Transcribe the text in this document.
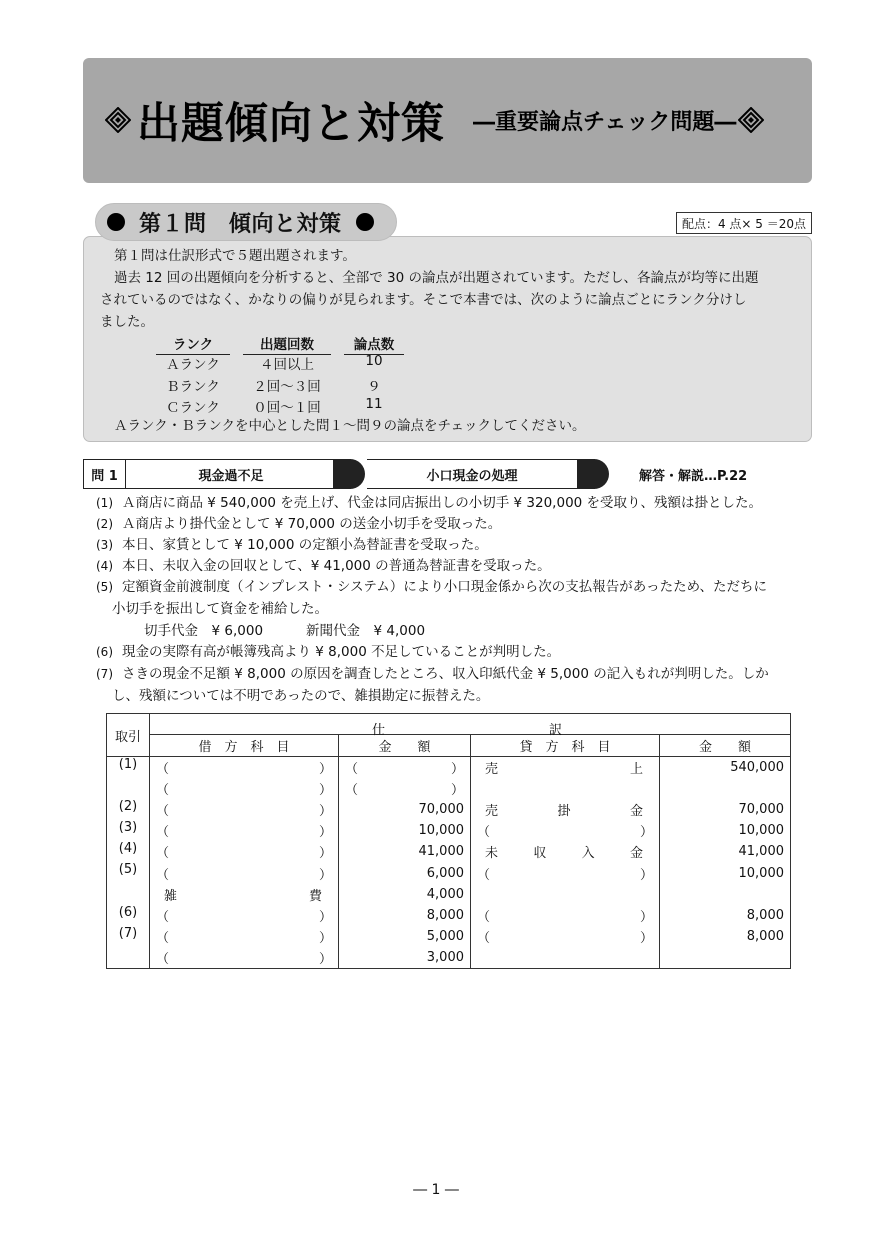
出題傾向と対策 ―重要論点チェック問題―
第１問は仕訳形式で５題出題されます。
過去 12 回の出題傾向を分析すると、全部で 30 の論点が出題されています。ただし、各論点が均等に出題
されているのではなく、かなりの偏りが見られます。そこで本書では、次のように論点ごとにランク分けし
ました。
ランク	出題回数	論点数
Ａランク	４回以上	10
Ｂランク	２回～３回	９
Ｃランク	０回～１回	11
Ａランク・Ｂランクを中心とした問１～問９の論点をチェックしてください。
第１問　傾向と対策	配点：4 点× 5 ＝20点
問 1	現金過不足	小口現金の処理	解答・解説…P.22
(1) Ａ商店に商品 ¥ 540,000 を売上げ、代金は同店振出しの小切手 ¥ 320,000 を受取り、残額は掛とした。
(2) Ａ商店より掛代金として ¥ 70,000 の送金小切手を受取った。
(3) 本日、家賃として ¥ 10,000 の定額小為替証書を受取った。
(4) 本日、未収入金の回収として、¥ 41,000 の普通為替証書を受取った。
(5) 定額資金前渡制度（インプレスト・システム）により小口現金係から次の支払報告があったため、ただちに
小切手を振出して資金を補給した。
切手代金　¥ 6,000	新聞代金　¥ 4,000
(6) 現金の実際有高が帳簿残高より ¥ 8,000 不足していることが判明した。
(7) さきの現金不足額 ¥ 8,000 の原因を調査したところ、収入印紙代金 ¥ 5,000 の記入もれが判明した。しか
し、残額については不明であったので、雑損勘定に振替えた。
取引	仕 訳			

	借　方　科　目	金　　額	貸　方　科　目	金　　額
(1)	（ ）	（ ）	売 上	540,000

	（ ）	（ ）		

(2)	（ ）	70,000	売 掛 金	70,000
(3)	（ ）	10,000	（ ）	10,000
(4)	（ ）	41,000	未 収 入 金	41,000
(5)	（ ）	6,000	（ ）	10,000

	雑 費	4,000		
(6)	（ ）	8,000	（ ）	8,000
(7)	（ ）	5,000	（ ）	8,000

	（ ）	3,000		
― 1 ―
